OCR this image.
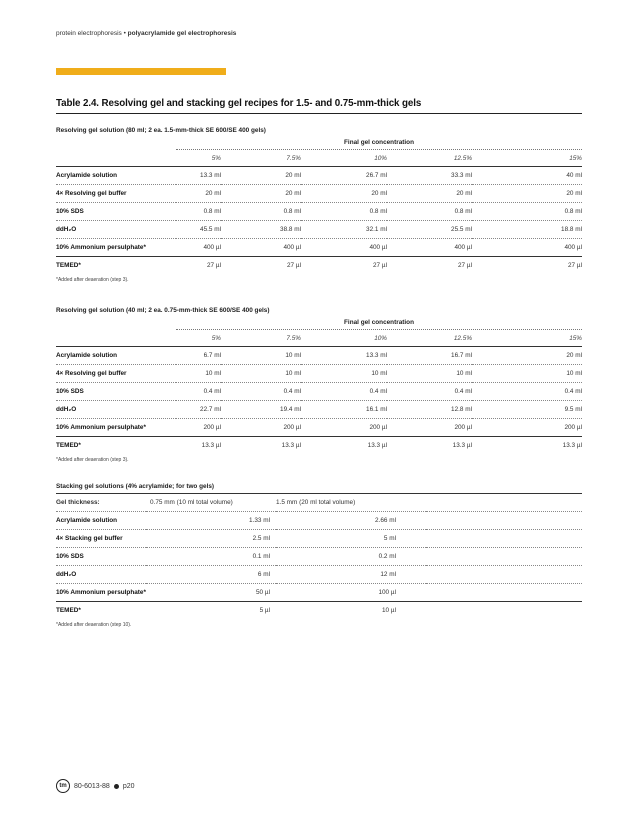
protein electrophoresis • polyacrylamide gel electrophoresis
Table 2.4. Resolving gel and stacking gel recipes for 1.5- and 0.75-mm-thick gels
Resolving gel solution (80 ml; 2 ea. 1.5-mm-thick SE 600/SE 400 gels)
Final gel concentration
	5%	7.5%	10%	12.5%	15%

Acrylamide solution	13.3 ml	20 ml	26.7 ml	33.3 ml	40 ml
4× Resolving gel buffer	20 ml	20 ml	20 ml	20 ml	20 ml
10% SDS	0.8 ml	0.8 ml	0.8 ml	0.8 ml	0.8 ml
ddH₂O	45.5 ml	38.8 ml	32.1 ml	25.5 ml	18.8 ml
10% Ammonium persulphate*	400 µl	400 µl	400 µl	400 µl	400 µl
TEMED*	27 µl	27 µl	27 µl	27 µl	27 µl
*Added after deaeration (step 3).
Resolving gel solution (40 ml; 2 ea. 0.75-mm-thick SE 600/SE 400 gels)
Final gel concentration
	5%	7.5%	10%	12.5%	15%

Acrylamide solution	6.7 ml	10 ml	13.3 ml	16.7 ml	20 ml
4× Resolving gel buffer	10 ml	10 ml	10 ml	10 ml	10 ml
10% SDS	0.4 ml	0.4 ml	0.4 ml	0.4 ml	0.4 ml
ddH₂O	22.7 ml	19.4 ml	16.1 ml	12.8 ml	9.5 ml
10% Ammonium persulphate*	200 µl	200 µl	200 µl	200 µl	200 µl
TEMED*	13.3 µl	13.3 µl	13.3 µl	13.3 µl	13.3 µl
*Added after deaeration (step 3).
Stacking gel solutions (4% acrylamide; for two gels)
Gel thickness:	0.75 mm (10 ml total volume)	1.5 mm (20 ml total volume)	
Acrylamide solution	1.33 ml	2.66 ml	
4× Stacking gel buffer	2.5 ml	5 ml	
10% SDS	0.1 ml	0.2 ml	
ddH₂O	6 ml	12 ml	
10% Ammonium persulphate*	50 µl	100 µl	
TEMED*	5 µl	10 µl	
*Added after deaeration (step 10).
tm	80-6013-88 p20
